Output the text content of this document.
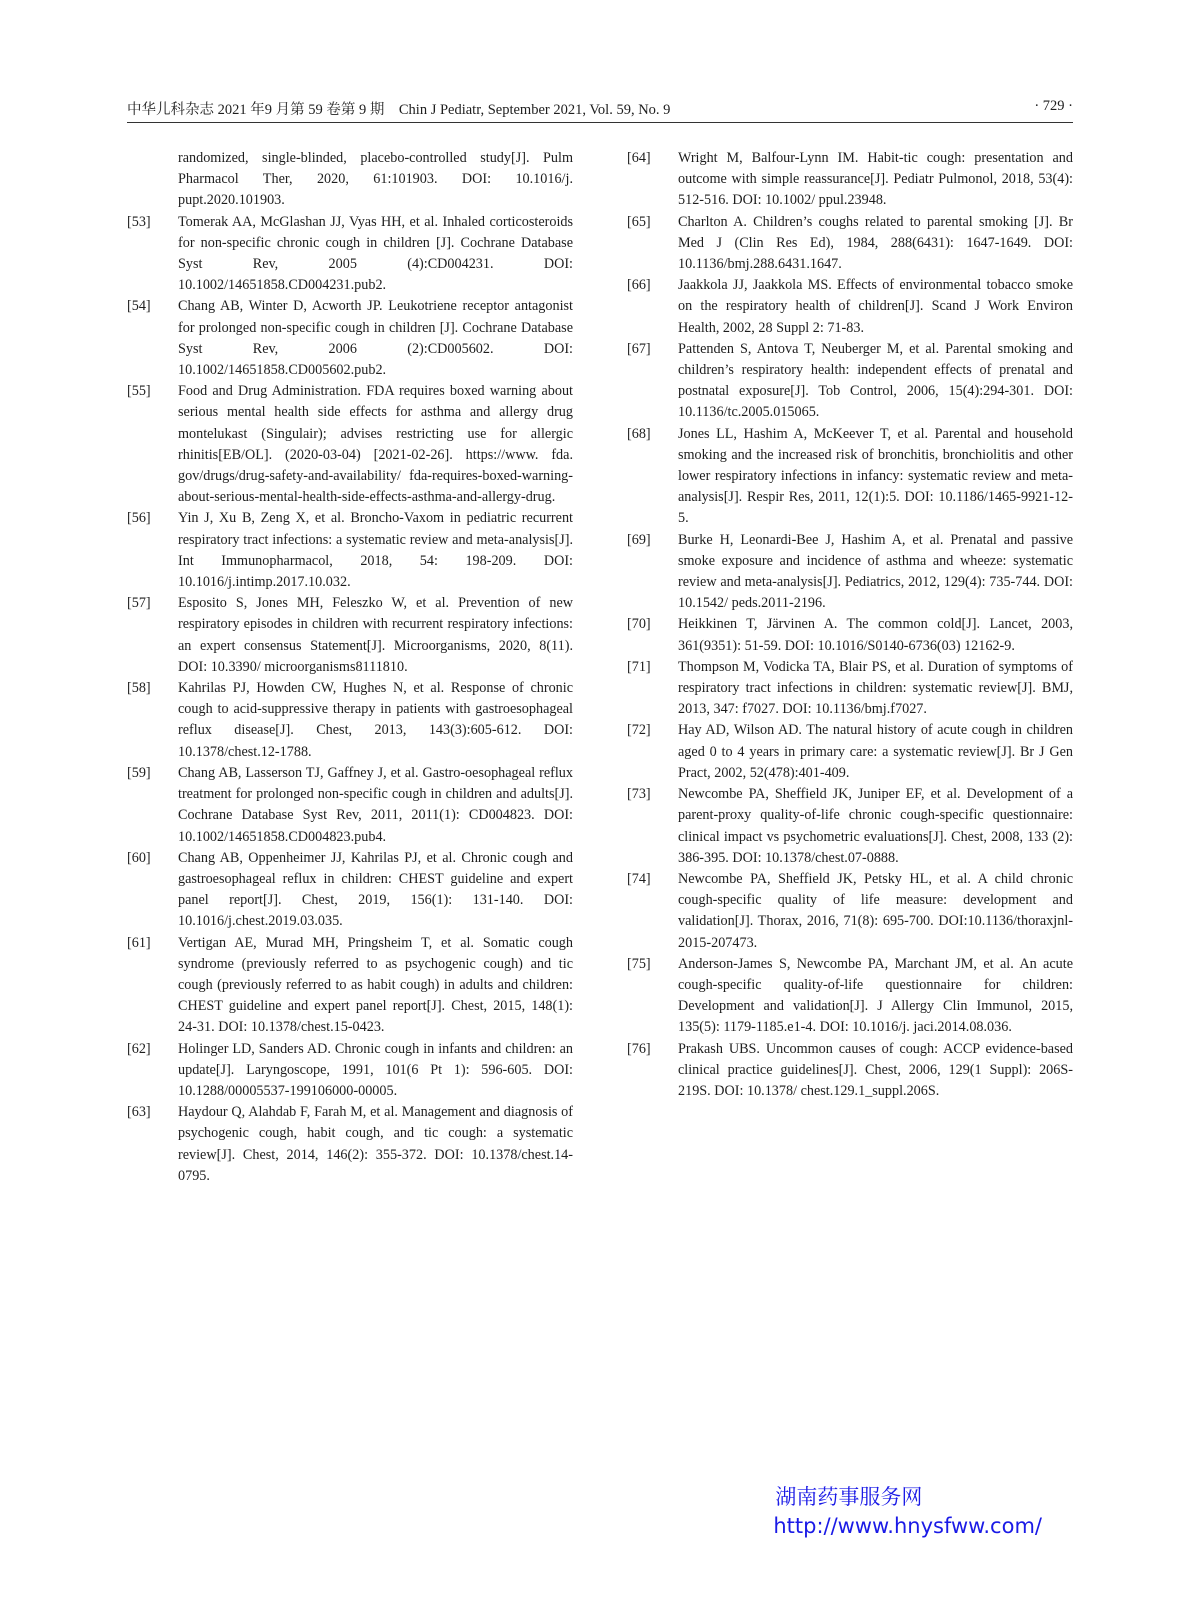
中华儿科杂志 2021 年9 月第 59 卷第 9 期　Chin J Pediatr, September 2021, Vol. 59, No. 9	· 729 ·
randomized, single-blinded, placebo-controlled study[J]. Pulm Pharmacol Ther, 2020, 61:101903. DOI: 10.1016/j. pupt.2020.101903.
[53]	Tomerak AA, McGlashan JJ, Vyas HH, et al. Inhaled corticosteroids for non-specific chronic cough in children [J]. Cochrane Database Syst Rev, 2005 (4):CD004231. DOI: 10.1002/14651858.CD004231.pub2.
[54]	Chang AB, Winter D, Acworth JP. Leukotriene receptor antagonist for prolonged non-specific cough in children [J]. Cochrane Database Syst Rev, 2006 (2):CD005602. DOI: 10.1002/14651858.CD005602.pub2.
[55]	Food and Drug Administration. FDA requires boxed warning about serious mental health side effects for asthma and allergy drug montelukast (Singulair); advises restricting use for allergic rhinitis[EB/OL]. (2020-03-04) [2021-02-26]. https://www. fda. gov/drugs/drug-safety-and-availability/ fda-requires-boxed-warning-about-serious-mental-health-side-effects-asthma-and-allergy-drug.
[56]	Yin J, Xu B, Zeng X, et al. Broncho-Vaxom in pediatric recurrent respiratory tract infections: a systematic review and meta-analysis[J]. Int Immunopharmacol, 2018, 54: 198-209. DOI: 10.1016/j.intimp.2017.10.032.
[57]	Esposito S, Jones MH, Feleszko W, et al. Prevention of new respiratory episodes in children with recurrent respiratory infections: an expert consensus Statement[J]. Microorganisms, 2020, 8(11). DOI: 10.3390/ microorganisms8111810.
[58]	Kahrilas PJ, Howden CW, Hughes N, et al. Response of chronic cough to acid-suppressive therapy in patients with gastroesophageal reflux disease[J]. Chest, 2013, 143(3):605-612. DOI: 10.1378/chest.12-1788.
[59]	Chang AB, Lasserson TJ, Gaffney J, et al. Gastro-oesophageal reflux treatment for prolonged non-specific cough in children and adults[J]. Cochrane Database Syst Rev, 2011, 2011(1): CD004823. DOI: 10.1002/14651858.CD004823.pub4.
[60]	Chang AB, Oppenheimer JJ, Kahrilas PJ, et al. Chronic cough and gastroesophageal reflux in children: CHEST guideline and expert panel report[J]. Chest, 2019, 156(1): 131-140. DOI: 10.1016/j.chest.2019.03.035.
[61]	Vertigan AE, Murad MH, Pringsheim T, et al. Somatic cough syndrome (previously referred to as psychogenic cough) and tic cough (previously referred to as habit cough) in adults and children: CHEST guideline and expert panel report[J]. Chest, 2015, 148(1): 24-31. DOI: 10.1378/chest.15-0423.
[62]	Holinger LD, Sanders AD. Chronic cough in infants and children: an update[J]. Laryngoscope, 1991, 101(6 Pt 1): 596-605. DOI: 10.1288/00005537-199106000-00005.
[63]	Haydour Q, Alahdab F, Farah M, et al. Management and diagnosis of psychogenic cough, habit cough, and tic cough: a systematic review[J]. Chest, 2014, 146(2): 355-372. DOI: 10.1378/chest.14-0795.
[64]	Wright M, Balfour-Lynn IM. Habit-tic cough: presentation and outcome with simple reassurance[J]. Pediatr Pulmonol, 2018, 53(4): 512-516. DOI: 10.1002/ ppul.23948.
[65]	Charlton A. Children’s coughs related to parental smoking [J]. Br Med J (Clin Res Ed), 1984, 288(6431): 1647-1649. DOI: 10.1136/bmj.288.6431.1647.
[66]	Jaakkola JJ, Jaakkola MS. Effects of environmental tobacco smoke on the respiratory health of children[J]. Scand J Work Environ Health, 2002, 28 Suppl 2: 71-83.
[67]	Pattenden S, Antova T, Neuberger M, et al. Parental smoking and children’s respiratory health: independent effects of prenatal and postnatal exposure[J]. Tob Control, 2006, 15(4):294-301. DOI: 10.1136/tc.2005.015065.
[68]	Jones LL, Hashim A, McKeever T, et al. Parental and household smoking and the increased risk of bronchitis, bronchiolitis and other lower respiratory infections in infancy: systematic review and meta-analysis[J]. Respir Res, 2011, 12(1):5. DOI: 10.1186/1465-9921-12-5.
[69]	Burke H, Leonardi-Bee J, Hashim A, et al. Prenatal and passive smoke exposure and incidence of asthma and wheeze: systematic review and meta-analysis[J]. Pediatrics, 2012, 129(4): 735-744. DOI: 10.1542/ peds.2011-2196.
[70]	Heikkinen T, Järvinen A. The common cold[J]. Lancet, 2003, 361(9351): 51-59. DOI: 10.1016/S0140-6736(03) 12162-9.
[71]	Thompson M, Vodicka TA, Blair PS, et al. Duration of symptoms of respiratory tract infections in children: systematic review[J]. BMJ, 2013, 347: f7027. DOI: 10.1136/bmj.f7027.
[72]	Hay AD, Wilson AD. The natural history of acute cough in children aged 0 to 4 years in primary care: a systematic review[J]. Br J Gen Pract, 2002, 52(478):401-409.
[73]	Newcombe PA, Sheffield JK, Juniper EF, et al. Development of a parent-proxy quality-of-life chronic cough-specific questionnaire: clinical impact vs psychometric evaluations[J]. Chest, 2008, 133 (2): 386-395. DOI: 10.1378/chest.07-0888.
[74]	Newcombe PA, Sheffield JK, Petsky HL, et al. A child chronic cough-specific quality of life measure: development and validation[J]. Thorax, 2016, 71(8): 695-700. DOI:10.1136/thoraxjnl-2015-207473.
[75]	Anderson-James S, Newcombe PA, Marchant JM, et al. An acute cough-specific quality-of-life questionnaire for children: Development and validation[J]. J Allergy Clin Immunol, 2015, 135(5): 1179-1185.e1-4. DOI: 10.1016/j. jaci.2014.08.036.
[76]	Prakash UBS. Uncommon causes of cough: ACCP evidence-based clinical practice guidelines[J]. Chest, 2006, 129(1 Suppl): 206S-219S. DOI: 10.1378/ chest.129.1_suppl.206S.
湖南药事服务网
http://www.hnysfww.com/
